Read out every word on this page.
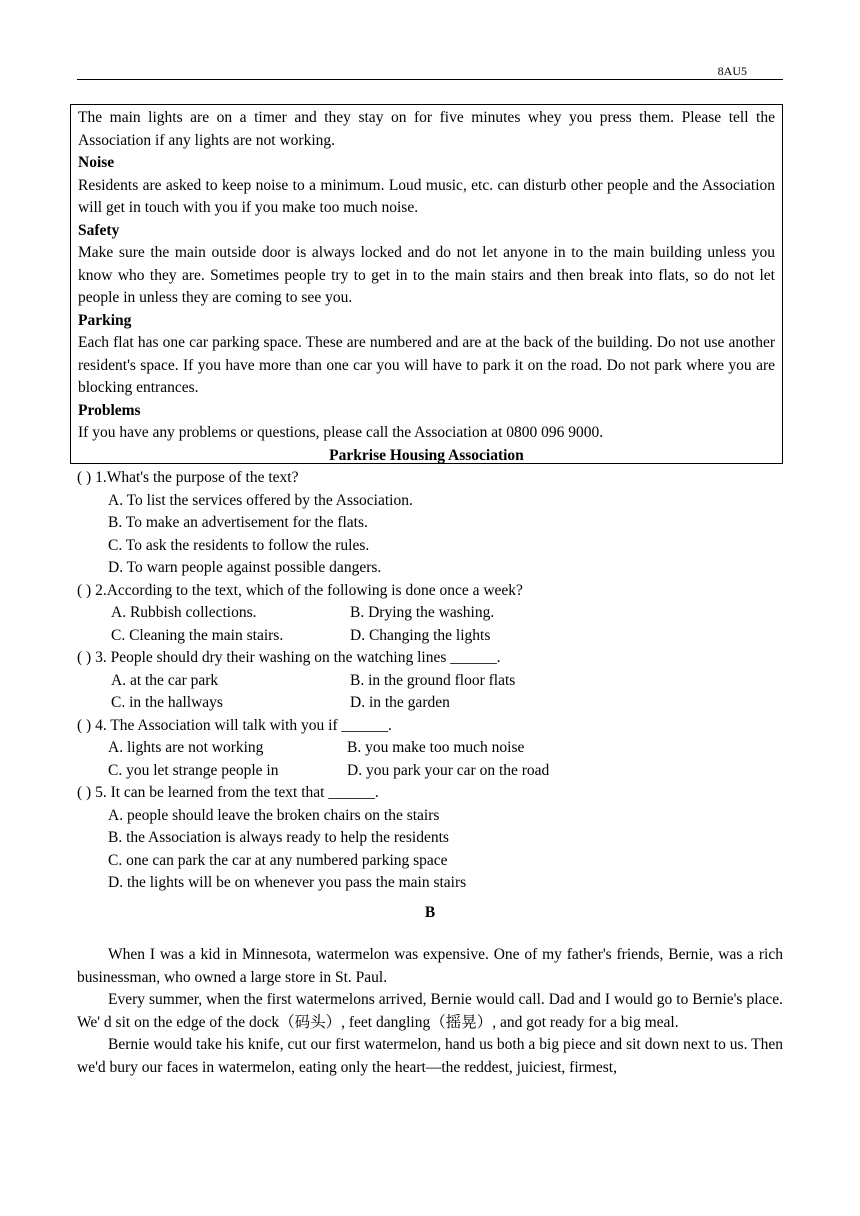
8AU5

The main lights are on a timer and they stay on for five minutes whey you press them. Please tell the Association if any lights are not working.

Noise

Residents are asked to keep noise to a minimum. Loud music, etc. can disturb other people and the Association will get in touch with you if you make too much noise.

Safety

Make sure the main outside door is always locked and do not let anyone in to the main building unless you know who they are. Sometimes people try to get in to the main stairs and then break into flats, so do not let people in unless they are coming to see you.

Parking

Each flat has one car parking space. These are numbered and are at the back of the building. Do not use another resident's space. If you have more than one car you will have to park it on the road. Do not park where you are blocking entrances.

Problems

If you have any problems or questions, please call the Association at 0800 096 9000.

Parkrise Housing Association

( ) 1.What's the purpose of the text?
A. To list the services offered by the Association.
B. To make an advertisement for the flats.
C. To ask the residents to follow the rules.
D. To warn people against possible dangers.
( ) 2.According to the text, which of the following is done once a week?
A. Rubbish collections.	B. Drying the washing.
C. Cleaning the main stairs.	D. Changing the lights
( ) 3. People should dry their washing on the watching lines ______.
A. at the car park	B. in the ground floor flats
C. in the hallways	D. in the garden
( ) 4. The Association will talk with you if ______.
A. lights are not working	B. you make too much noise
C. you let strange people in	D. you park your car on the road
( ) 5. It can be learned from the text that ______.
A. people should leave the broken chairs on the stairs
B. the Association is always ready to help the residents
C. one can park the car at any numbered parking space
D. the lights will be on whenever you pass the main stairs
B

When I was a kid in Minnesota, watermelon was expensive. One of my father's friends, Bernie, was a rich businessman, who owned a large store in St. Paul.

Every summer, when the first watermelons arrived, Bernie would call. Dad and I would go to Bernie's place. We' d sit on the edge of the dock（码头）, feet dangling（摇晃）, and got ready for a big meal.

Bernie would take his knife, cut our first watermelon, hand us both a big piece and sit down next to us. Then we'd bury our faces in watermelon, eating only the heart—the reddest, juiciest, firmest,
